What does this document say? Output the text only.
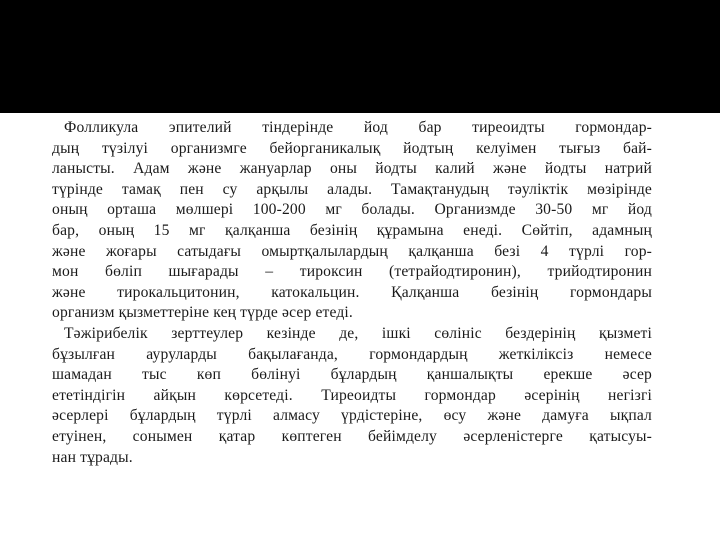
Фолликула эпителий тіндерінде йод бар тиреоидты гормондар-
дың түзілуі организмге бейорганикалық йодтың келуімен тығыз бай-
ланысты. Адам және жануарлар оны йодты калий және йодты натрий
түрінде тамақ пен су арқылы алады. Тамақтанудың тәуліктік мөзірінде
оның орташа мөлшері 100-200 мг болады. Организмде 30-50 мг йод
бар, оның 15 мг қалқанша безінің құрамына енеді. Сөйтіп, адамның
және жоғары сатыдағы омыртқалылардың қалқанша безі 4 түрлі гор-
мон бөліп шығарады – тироксин (тетрайодтиронин), трийодтиронин
және тирокальцитонин, катокальцин. Қалқанша безінің гормондары
организм қызметтеріне кең түрде әсер етеді.
Тәжірибелік зерттеулер кезінде де, ішкі сөлініс бездерінің қызметі
бұзылған ауруларды бақылағанда, гормондардың жеткіліксіз немесе
шамадан тыс көп бөлінуі бұлардың қаншалықты ерекше әсер
ететіндігін айқын көрсетеді. Тиреоидты гормондар әсерінің негізгі
әсерлері бұлардың түрлі алмасу үрдістеріне, өсу және дамуға ықпал
етуінен, сонымен қатар көптеген бейімделу әсерленістерге қатысуы-
нан тұрады.
